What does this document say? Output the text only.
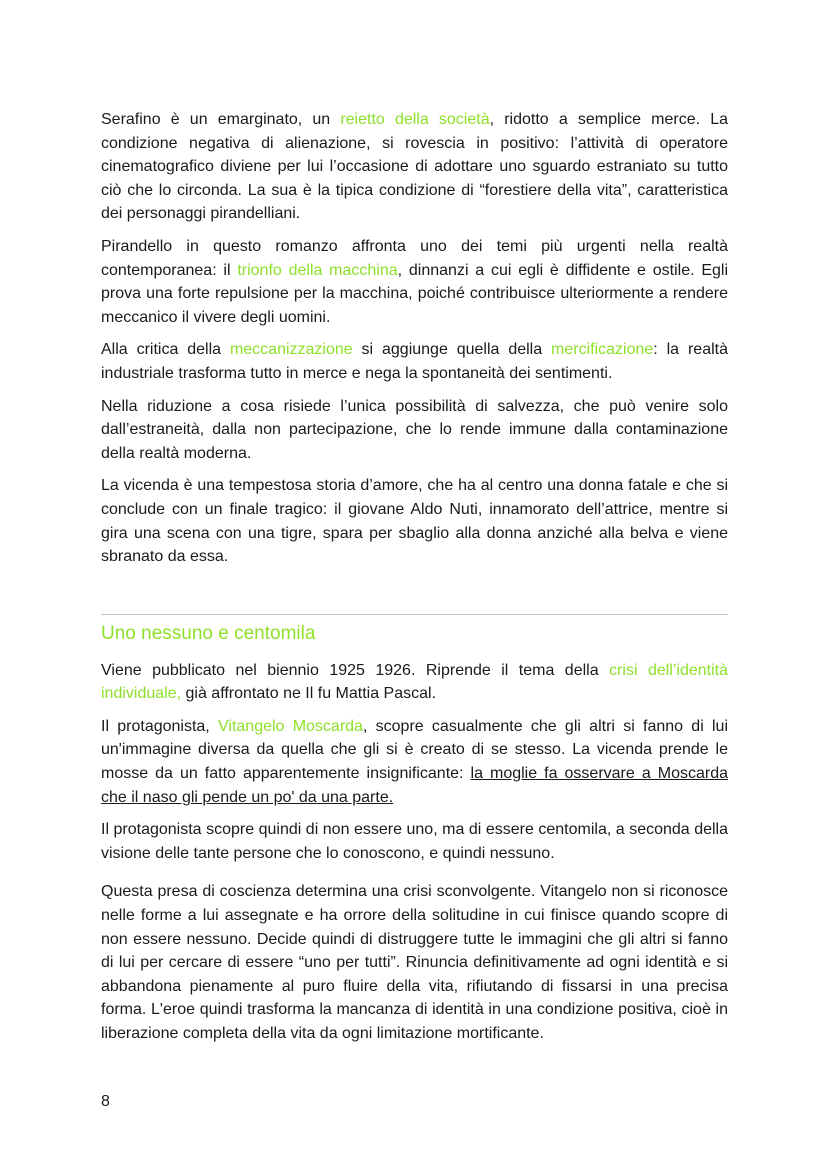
Serafino è un emarginato, un reietto della società, ridotto a semplice merce. La condizione negativa di alienazione, si rovescia in positivo: l’attività di operatore cinematografico diviene per lui l’occasione di adottare uno sguardo estraniato su tutto ciò che lo circonda. La sua è la tipica condizione di “forestiere della vita”, caratteristica dei personaggi pirandelliani.

Pirandello in questo romanzo affronta uno dei temi più urgenti nella realtà contemporanea: il trionfo della macchina, dinnanzi a cui egli è diffidente e ostile. Egli prova una forte repulsione per la macchina, poiché contribuisce ulteriormente a rendere meccanico il vivere degli uomini.

Alla critica della meccanizzazione si aggiunge quella della mercificazione: la realtà industriale trasforma tutto in merce e nega la spontaneità dei sentimenti.

Nella riduzione a cosa risiede l’unica possibilità di salvezza, che può venire solo dall’estraneità, dalla non partecipazione, che lo rende immune dalla contaminazione della realtà moderna.

La vicenda è una tempestosa storia d’amore, che ha al centro una donna fatale e che si conclude con un finale tragico: il giovane Aldo Nuti, innamorato dell’attrice, mentre si gira una scena con una tigre, spara per sbaglio alla donna anziché alla belva e viene sbranato da essa.

Uno nessuno e centomila

Viene pubblicato nel biennio 1925 1926. Riprende il tema della crisi dell’identità individuale, già affrontato ne Il fu Mattia Pascal.

Il protagonista, Vitangelo Moscarda, scopre casualmente che gli altri si fanno di lui un'immagine diversa da quella che gli si è creato di se stesso. La vicenda prende le mosse da un fatto apparentemente insignificante: la moglie fa osservare a Moscarda che il naso gli pende un po' da una parte.

Il protagonista scopre quindi di non essere uno, ma di essere centomila, a seconda della visione delle tante persone che lo conoscono, e quindi nessuno.

Questa presa di coscienza determina una crisi sconvolgente. Vitangelo non si riconosce nelle forme a lui assegnate e ha orrore della solitudine in cui finisce quando scopre di non essere nessuno. Decide quindi di distruggere tutte le immagini che gli altri si fanno di lui per cercare di essere “uno per tutti”. Rinuncia definitivamente ad ogni identità e si abbandona pienamente al puro fluire della vita, rifiutando di fissarsi in una precisa forma. L'eroe quindi trasforma la mancanza di identità in una condizione positiva, cioè in liberazione completa della vita da ogni limitazione mortificante.

8
